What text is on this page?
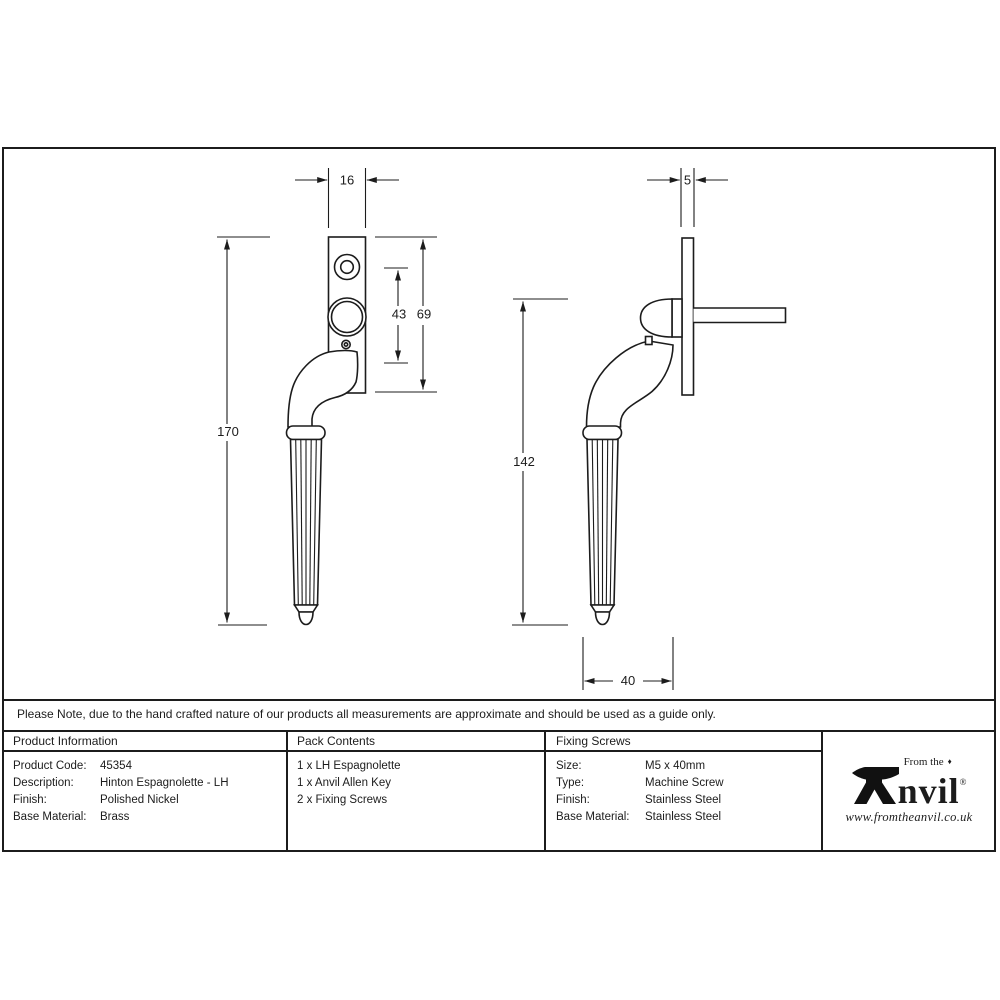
16
170
43 69
5
142
40
Please Note, due to the hand crafted nature of our products all measurements are approximate and should be used as a guide only.
Product Information
Product Code:	45354
Description:	Hinton Espagnolette - LH
Finish:	Polished Nickel
Base Material:	Brass
Pack Contents
1 x LH Espagnolette
1 x Anvil Allen Key
2 x Fixing Screws
Fixing Screws
Size:	M5 x 40mm
Type:	Machine Screw
Finish:	Stainless Steel
Base Material:	Stainless Steel
From the ♦
nvil®
www.fromtheanvil.co.uk
